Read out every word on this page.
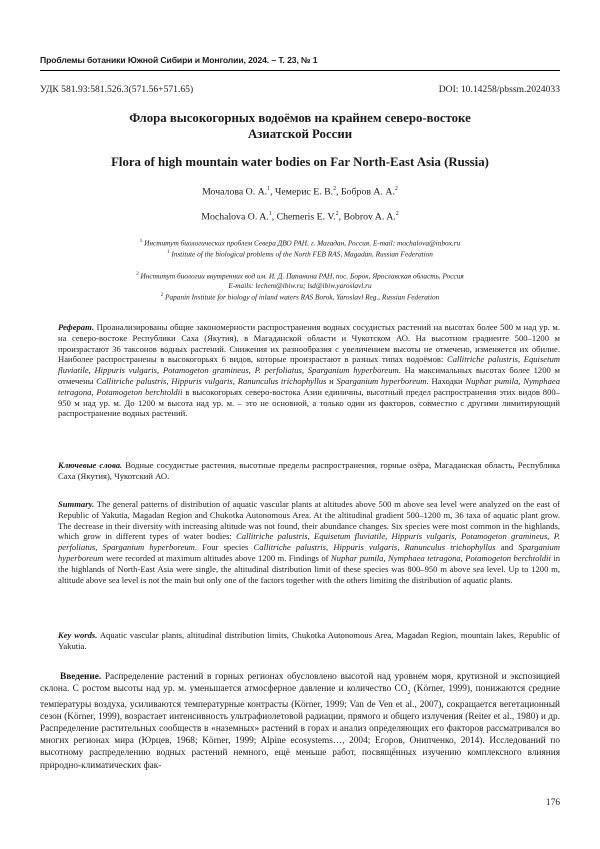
Проблемы ботаники Южной Сибири и Монголии, 2024. – Т. 23, № 1
УДК 581.93:581.526.3(571.56+571.65)	DOI: 10.14258/pbssm.2024033
Флора высокогорных водоёмов на крайнем северо-востоке
Азиатской России
Flora of high mountain water bodies on Far North-East Asia (Russia)
Мочалова О. А.$^1$, Чемерис Е. В.$^2$, Бобров А. А.$^2$
Mochalova O. A.$^1$, Chemeris E. V.$^2$, Bobrov A. A.$^2$
$^1$ Институт биологических проблем Севера ДВО РАН, г. Магадан, Россия. E-mail: mochalova@inbox.ru
$^1$ Institute of the biological problems of the North FEB RAS, Magadan, Russian Federation
$^2$ Институт биологии внутренних вод им. И. Д. Папанина РАН, пос. Борок, Ярославская область, Россия
E-mails: lechem@ibiw.ru; lsd@ibiw.yaroslavl.ru
$^2$ Papanin Institute for biology of inland waters RAS Borok, Yaroslavl Reg., Russian Federation
Реферат. Проанализированы общие закономерности распространения водных сосудистых растений на высотах более 500 м над ур. м. на северо-востоке Республики Саха (Якутия), в Магаданской области и Чукотском АО. На высотном градиенте 500–1200 м произрастают 36 таксонов водных растений. Снижения их разнообразия с увеличением высоты не отмечено, изменяется их обилие. Наиболее распространены в высокогорьях 6 видов, которые произрастают в разных типах водоёмов: Callitriche palustris, Equisetum fluviatile, Hippuris vulgaris, Potamogeton gramineus, P. perfoliatus, Sparganium hyperboreum. На максимальных высотах более 1200 м отмечены Callitriche palustris, Hippuris vulgaris, Ranunculus trichophyllus и Sparganium hyperboreum. Находки Nuphar pumila, Nymphaea tetragona, Potamogeton berchtoldii в высокогорьях северо-востока Азии единичны, высотный предел распространения этих видов 800–950 м над ур. м. До 1200 м высота над ур. м. – это не основной, а только один из факторов, совместно с другими лимитирующий распространение водных растений.
Ключевые слова. Водные сосудистые растения, высотные пределы распространения, горные озёра, Магаданская область, Республика Саха (Якутия), Чукотский АО.
Summary. The general patterns of distribution of aquatic vascular plants at altitudes above 500 m above sea level were analyzed on the east of Republic of Yakutia, Magadan Region and Chukotka Autonomous Area. At the altitudinal gradient 500–1200 m, 36 taxa of aquatic plant grow. The decrease in their diversity with increasing altitude was not found, their abundance changes. Six species were most common in the highlands, which grow in different types of water bodies: Callitriche palustris, Equisetum fluviatile, Hippuris vulgaris, Potamogeton gramineus, P. perfoliatus, Sparganium hyperboreum. Four species Callitriche palustris, Hippuris vulgaris, Ranunculus trichophyllus and Sparganium hyperboreum were recorded at maximum altitudes above 1200 m. Findings of Nuphar pumila, Nymphaea tetragona, Potamogeton berchtoldii in the highlands of North-East Asia were single, the altitudinal distribution limit of these species was 800–950 m above sea level. Up to 1200 m, altitude above sea level is not the main but only one of the factors together with the others limiting the distribution of aquatic plants.
Key words. Aquatic vascular plants, altitudinal distribution limits, Chukotka Autonomous Area, Magadan Region, mountain lakes, Republic of Yakutia.
Введение. Распределение растений в горных регионах обусловлено высотой над уровнем моря, крутизной и экспозицией склона. С ростом высоты над ур. м. уменьшается атмосферное давление и количество $CO_2$ (Körner, 1999), понижаются средние температуры воздуха, усиливаются температурные контрасты (Körner, 1999; Van de Ven et al., 2007), сокращается вегетационный сезон (Körner, 1999), возрастает интенсивность ультрафиолетовой радиации, прямого и общего излучения (Reiter et al., 1980) и др. Распределение растительных сообществ в «наземных» растений в горах и анализ определяющих его факторов рассматривался во многих регионах мира (Юрцев, 1968; Körner, 1999; Alpine ecosystems…, 2004; Егоров, Онипченко, 2014). Исследований по высотному распределению водных растений немного, ещё меньше работ, посвящённых изучению комплексного влияния природно-климатических фак-
176
